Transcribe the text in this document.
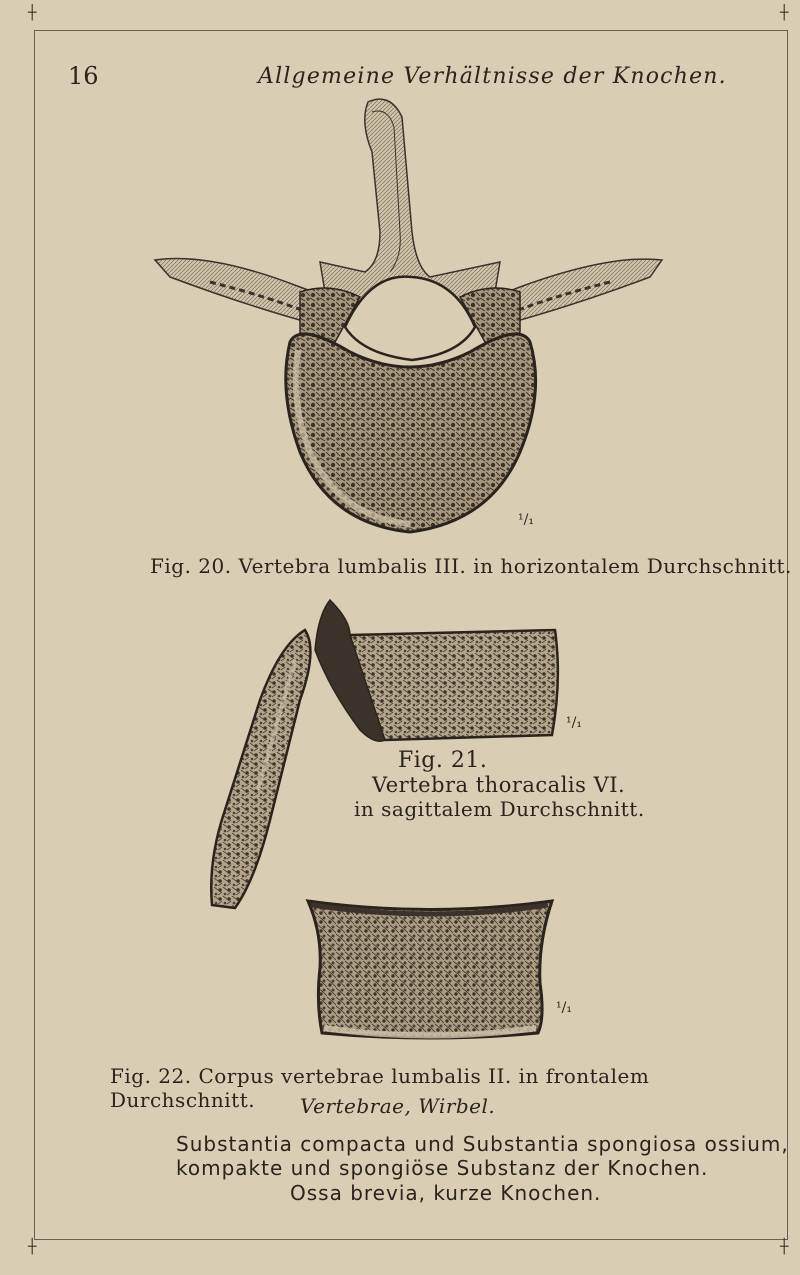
┼	┼
┼	┼
16	Allgemeine Verhältnisse der Knochen.
¹/₁
Fig. 20. Vertebra lumbalis III. in horizontalem Durchschnitt.
¹/₁
Fig. 21.
Vertebra thoracalis VI.
in sagittalem Durchschnitt.
¹/₁
Fig. 22. Corpus vertebrae lumbalis II. in frontalem Durchschnitt.	Vertebrae, Wirbel.
Substantia compacta und Substantia spongiosa ossium,
kompakte und spongiöse Substanz der Knochen.
Ossa brevia, kurze Knochen.
